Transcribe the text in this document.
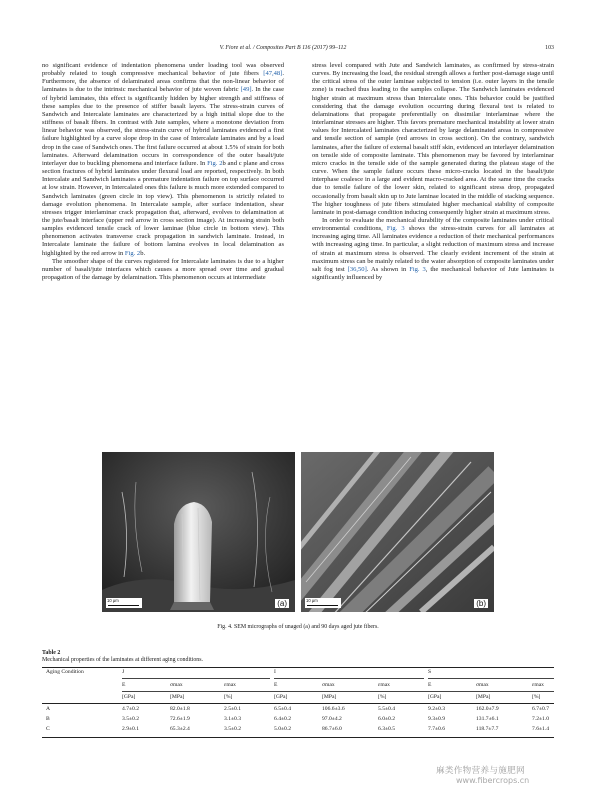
V. Fiore et al. / Composites Part B 116 (2017) 99–112	103

no significant evidence of indentation phenomena under loading tool was observed probably related to tough compressive mechanical behavior of jute fibers [47,48]. Furthermore, the absence of delaminated areas confirms that the non-linear behavior of laminates is due to the intrinsic mechanical behavior of jute woven fabric [49]. In the case of hybrid laminates, this effect is significantly hidden by higher strength and stiffness of these samples due to the presence of stiffer basalt layers. The stress-strain curves of Sandwich and Intercalate laminates are characterized by a high initial slope due to the stiffness of basalt fibers. In contrast with Jute samples, where a monotone deviation from linear behavior was observed, the stress-strain curve of hybrid laminates evidenced a first failure highlighted by a curve slope drop in the case of Intercalate laminates and by a load drop in the case of Sandwich ones. The first failure occurred at about 1.5% of strain for both laminates. Afterward delamination occurs in correspondence of the outer basalt/jute interlayer due to buckling phenomena and interface failure. In Fig. 2b and c plane and cross section fractures of hybrid laminates under flexural load are reported, respectively. In both Intercalate and Sandwich laminates a premature indentation failure on top surface occurred at low strain. However, in Intercalated ones this failure is much more extended compared to Sandwich laminates (green circle in top view). This phenomenon is strictly related to damage evolution phenomena. In Intercalate sample, after surface indentation, shear stresses trigger interlaminar crack propagation that, afterward, evolves to delamination at the jute/basalt interface (upper red arrow in cross section image). At increasing strain both samples evidenced tensile crack of lower laminae (blue circle in bottom view). This phenomenon activates transverse crack propagation in sandwich laminate. Instead, in Intercalate laminate the failure of bottom lamina evolves in local delamination as highlighted by the red arrow in Fig. 2b.

The smoother shape of the curves registered for Intercalate laminates is due to a higher number of basalt/jute interfaces which causes a more spread over time and gradual propagation of the damage by delamination. This phenomenon occurs at intermediate

stress level compared with Jute and Sandwich laminates, as confirmed by stress-strain curves. By increasing the load, the residual strength allows a further post-damage stage until the critical stress of the outer laminae subjected to tension (i.e. outer layers in the tensile zone) is reached thus leading to the samples collapse. The Sandwich laminates evidenced higher strain at maximum stress than Intercalate ones. This behavior could be justified considering that the damage evolution occurring during flexural test is related to delaminations that propagate preferentially on dissimilar interlaminae where the interlaminar stresses are higher. This favors premature mechanical instability at lower strain values for Intercalated laminates characterized by large delaminated areas in compressive and tensile section of sample (red arrows in cross section). On the contrary, sandwich laminates, after the failure of external basalt stiff skin, evidenced an interlayer delamination on tensile side of composite laminate. This phenomenon may be favored by interlaminar micro cracks in the tensile side of the sample generated during the plateau stage of the curve. When the sample failure occurs these micro-cracks located in the basalt/jute interphase coalesce in a large and evident macro-cracked area. At the same time the cracks due to tensile failure of the lower skin, related to significant stress drop, propagated occasionally from basalt skin up to Jute laminae located in the middle of stacking sequence. The higher toughness of jute fibers stimulated higher mechanical stability of composite laminate in post-damage condition inducing consequently higher strain at maximum stress.

In order to evaluate the mechanical durability of the composite laminates under critical environmental conditions, Fig. 3 shows the stress-strain curves for all laminates at increasing aging time. All laminates evidence a reduction of their mechanical performances with increasing aging time. In particular, a slight reduction of maximum stress and increase of strain at maximum stress is observed. The clearly evident increment of the strain at maximum stress can be mainly related to the water absorption of composite laminates under salt fog test [36,50]. As shown in Fig. 3, the mechanical behavior of Jute laminates is significantly influenced by

10 μm	(a)	10 μm	(b)
Fig. 4. SEM micrographs of unaged (a) and 90 days aged jute fibers.
Table 2
Mechanical properties of the laminates at different aging conditions.
Aging Condition	J	I	S
E	σmax	εmax	E	σmax	εmax	E	σmax	εmax
[GPa]	[MPa]	[%]	[GPa]	[MPa]	[%]	[GPa]	[MPa]	[%]
A	4.7±0.2	82.0±1.8	2.5±0.1	6.5±0.4	106.6±3.6	5.5±0.4	9.2±0.3	162.0±7.9	6.7±0.7
B	3.5±0.2	72.6±1.9	3.1±0.3	6.4±0.2	97.0±4.2	6.0±0.2	9.3±0.9	131.7±6.1	7.2±1.0
C	2.9±0.1	65.3±2.4	3.5±0.2	5.0±0.2	86.7±6.0	6.3±0.5	7.7±0.6	118.7±7.7	7.6±1.4
麻类作物营养与施肥网
www.fibercrops.cn
